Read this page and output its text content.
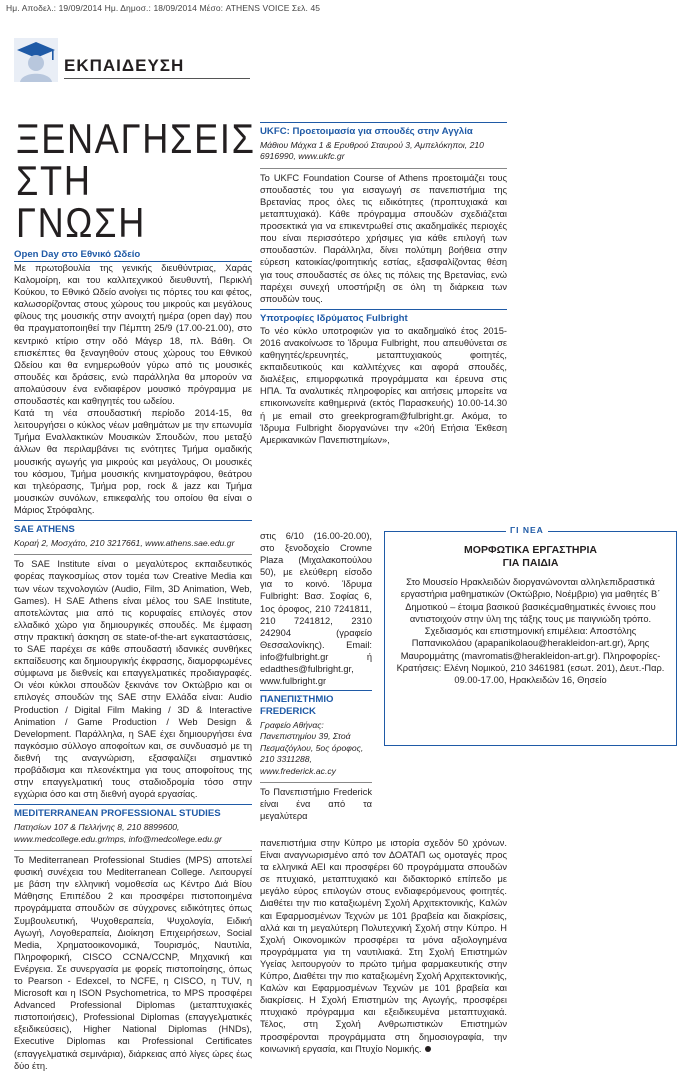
Ημ. Αποδελ.: 19/09/2014 Ημ. Δημοσ.: 18/09/2014 Μέσο: ATHENS VOICE Σελ. 45
ΕΚΠΑΙΔΕΥΣΗ
ΞΕΝΑΓΗΣΕΙΣ
ΣΤΗ ΓΝΩΣΗ
Open Day στο Εθνικό Ωδείο

Με πρωτοβουλία της γενικής διευθύντριας, Χαράς Καλομοίρη, και του καλλιτεχνικού διευθυντή, Περικλή Κούκου, το Εθνικό Ωδείο ανοίγει τις πόρτες του και φέτος, καλωσορίζοντας στους χώρους του μικρούς και μεγάλους φίλους της μουσικής στην ανοιχτή ημέρα (open day) που θα πραγματοποιηθεί την Πέμπτη 25/9 (17.00-21.00), στο κεντρικό κτίριο στην οδό Μάγερ 18, πλ. Βάθη. Οι επισκέπτες θα ξεναγηθούν στους χώρους του Εθνικού Ωδείου και θα ενημερωθούν γύρω από τις μουσικές σπουδές και δράσεις, ενώ παράλληλα θα μπορούν να απολαύσουν ένα ενδιαφέρον μουσικό πρόγραμμα με σπουδαστές και καθηγητές του ωδείου.

Κατά τη νέα σπουδαστική περίοδο 2014-15, θα λειτουργήσει ο κύκλος νέων μαθημάτων με την επωνυμία Τμήμα Εναλλακτικών Μουσικών Σπουδών, που μεταξύ άλλων θα περιλαμβάνει τις ενότητες Τμήμα ομαδικής μουσικής αγωγής για μικρούς και μεγάλους, Οι μουσικές του κόσμου, Τμήμα μουσικής κινηματογράφου, θεάτρου και τηλεόρασης, Τμήμα pop, rock & jazz και Τμήμα μουσικών συνόλων, επικεφαλής του οποίου θα είναι ο Μάριος Στρόφαλης.

SAE ATHENS
Κοραή 2, Μοσχάτο, 210 3217661, www.athens.sae.edu.gr

Το SAE Institute είναι ο μεγαλύτερος εκπαιδευτικός φορέας παγκοσμίως στον τομέα των Creative Media και των νέων τεχνολογιών (Audio, Film, 3D Animation, Web, Games). Η SAE Athens είναι μέλος του SAE Institute, αποτελώντας μια από τις κορυφαίες επιλογές στον ελλαδικό χώρο για δημιουργικές σπουδές. Με έμφαση στην πρακτική άσκηση σε state-of-the-art εγκαταστάσεις, το SAE παρέχει σε κάθε σπουδαστή ιδανικές συνθήκες εκπαίδευσης και δημιουργικής έκφρασης, διαμορφωμένες σύμφωνα με διεθνείς και επαγγελματικές προδιαγραφές. Οι νέοι κύκλοι σπουδών ξεκινάνε τον Οκτώβριο και οι επιλογές σπουδών της SAE στην Ελλάδα είναι: Audio Production / Digital Film Making / 3D & Interactive Animation / Game Production / Web Design & Development. Παράλληλα, η SAE έχει δημιουργήσει ένα παγκόσμιο σύλλογο αποφοίτων και, σε συνδυασμό με τη διεθνή της αναγνώριση, εξασφαλίζει σημαντικό προβάδισμα και πλεονέκτημα για τους αποφοίτους της στην επαγγελματική τους σταδιοδρομία τόσο στην εγχώρια όσο και στη διεθνή αγορά εργασίας.

MEDITERRANEAN PROFESSIONAL STUDIES
Πατησίων 107 & Πελλήνης 8, 210 8899600, www.medcollege.edu.gr/mps, info@medcollege.edu.gr

Το Mediterranean Professional Studies (MPS) αποτελεί φυσική συνέχεια του Mediterranean College. Λειτουργεί με βάση την ελληνική νομοθεσία ως Κέντρο Διά Βίου Μάθησης Επιπέδου 2 και προσφέρει πιστοποιημένα προγράμματα σπουδών σε σύγχρονες ειδικότητες όπως Συμβουλευτική, Ψυχοθεραπεία, Ψυχολογία, Ειδική Αγωγή, Λογοθεραπεία, Διοίκηση Επιχειρήσεων, Social Media, Χρηματοοικονομικά, Τουρισμός, Ναυτιλία, Πληροφορική, CISCO CCNA/CCNP, Μηχανική και Ενέργεια. Σε συνεργασία με φορείς πιστοποίησης, όπως το Pearson - Edexcel, το NCFE, η CISCO, η TUV, η Microsoft και η ISON Psychometrica, το MPS προσφέρει Advanced Professional Diplomas (μεταπτυχιακές πιστοποιήσεις), Professional Diplomas (επαγγελματικές εξειδικεύσεις), Higher National Diplomas (HNDs), Executive Diplomas και Professional Certificates (επαγγελματικά σεμινάρια), διάρκειας από λίγες ώρες έως δύο έτη.

UKFC: Προετοιμασία για σπουδές στην Αγγλία
Μάθιου Μάχκα 1 & Ερυθρού Σταυρού 3, Αμπελόκηποι, 210 6916990, www.ukfc.gr

Το UKFC Foundation Course of Athens προετοιμάζει τους σπουδαστές του για εισαγωγή σε πανεπιστήμια της Βρετανίας προς όλες τις ειδικότητες (προπτυχιακά και μεταπτυχιακά). Κάθε πρόγραμμα σπουδών σχεδιάζεται προσεκτικά για να επικεντρωθεί στις ακαδημαϊκές περιοχές που είναι περισσότερο χρήσιμες για κάθε επιλογή των σπουδαστών. Παράλληλα, δίνει πολύτιμη βοήθεια στην εύρεση κατοικίας/φοιτητικής εστίας, εξασφαλίζοντας θέση για τους σπουδαστές σε όλες τις πόλεις της Βρετανίας, ενώ παρέχει συνεχή υποστήριξη σε όλη τη διάρκεια των σπουδών τους.

Υποτροφίες Ιδρύματος Fulbright

Το νέο κύκλο υποτροφιών για το ακαδημαϊκό έτος 2015-2016 ανακοίνωσε το Ίδρυμα Fulbright, που απευθύνεται σε καθηγητές/ερευνητές, μεταπτυχιακούς φοιτητές, εκπαιδευτικούς και καλλιτέχνες και αφορά σπουδές, διαλέξεις, επιμορφωτικά προγράμματα και έρευνα στις ΗΠΑ. Τα αναλυτικές πληροφορίες και αιτήσεις μπορείτε να επικοινωνείτε καθημερινά (εκτός Παρασκευής) 10.00-14.30 ή με email στο greekprogram@fulbright.gr. Ακόμα, το Ίδρυμα Fulbright διοργανώνει την «20ή Ετήσια Έκθεση Αμερικανικών Πανεπιστημίων»,

στις 6/10 (16.00-20.00), στο ξενοδοχείο Crowne Plaza (Μιχαλακοπούλου 50), με ελεύθερη είσοδο για το κοινό. Ίδρυμα Fulbright: Βασ. Σοφίας 6, 1ος όροφος, 210 7241811, 210 7241812, 2310 242904 (γραφείο Θεσσαλονίκης). Email: info@fulbright.gr ή edadthes@fulbright.gr, www.fulbright.gr

ΠΑΝΕΠΙΣΤΗΜΙΟ FREDERICK
Γραφείο Αθήνας: Πανεπιστημίου 39, Στοά Πεσμαζόγλου, 5ος όροφος, 210 3311288, www.frederick.ac.cy

Το Πανεπιστήμιο Frederick είναι ένα από τα μεγαλύτερα

ΓΙ ΝΕΑ
ΜΟΡΦΩΤΙΚΑ ΕΡΓΑΣΤΗΡΙΑ
ΓΙΑ ΠΑΙΔΙΑ
Στο Μουσείο Ηρακλειδών διοργανώνονται αλληλεπιδραστικά εργαστήρια μαθηματικών (Οκτώβριο, Νοέμβριο) για μαθητές Β΄ Δημοτικού – έτοιμα βασικού βασικέςμαθηματικές έννοιες που αντιστοιχούν στην ύλη της τάξης τους με παιγνιώδη τρόπο. Σχεδιασμός και επιστημονική επιμέλεια: Αποστόλης Παπανικολάου (apapanikolaou@herakleidon-art.gr), Άρης Μαυρομμάτης (mavromatis@herakleidon-art.gr). Πληροφορίες-Κρατήσεις: Ελένη Νομικού, 210 3461981 (εσωτ. 201), Δευτ.-Παρ. 09.00-17.00, Ηρακλειδών 16, Θησείο

πανεπιστήμια στην Κύπρο με ιστορία σχεδόν 50 χρόνων. Είναι αναγνωρισμένο από τον ΔΟΑΤΑΠ ως ομοταγές προς τα ελληνικά ΑΕΙ και προσφέρει 60 προγράμματα σπουδών σε πτυχιακό, μεταπτυχιακό και διδακτορικό επίπεδο με μεγάλο εύρος επιλογών στους ενδιαφερόμενους φοιτητές. Διαθέτει την πιο καταξιωμένη Σχολή Αρχιτεκτονικής, Καλών και Εφαρμοσμένων Τεχνών με 101 βραβεία και διακρίσεις, αλλά και τη μεγαλύτερη Πολυτεχνική Σχολή στην Κύπρο. Η Σχολή Οικονομικών προσφέρει τα μόνα αξιολογημένα προγράμματα για τη ναυτιλιακά. Στη Σχολή Επιστημών Υγείας λειτουργούν το πρώτο τμήμα φαρμακευτικής στην Κύπρο, Διαθέτει την πιο καταξιωμένη Σχολή Αρχιτεκτονικής, Καλών και Εφαρμοσμένων Τεχνών με 101 βραβεία και διακρίσεις. Η Σχολή Επιστημών της Αγωγής, προσφέρει πτυχιακό πρόγραμμα και εξειδικευμένα μεταπτυχιακά. Τέλος, στη Σχολή Ανθρωπιστικών Επιστημών προσφέρονται προγράμματα στη δημοσιογραφία, την κοινωνική εργασία, και Πτυχίο Νομικής.
